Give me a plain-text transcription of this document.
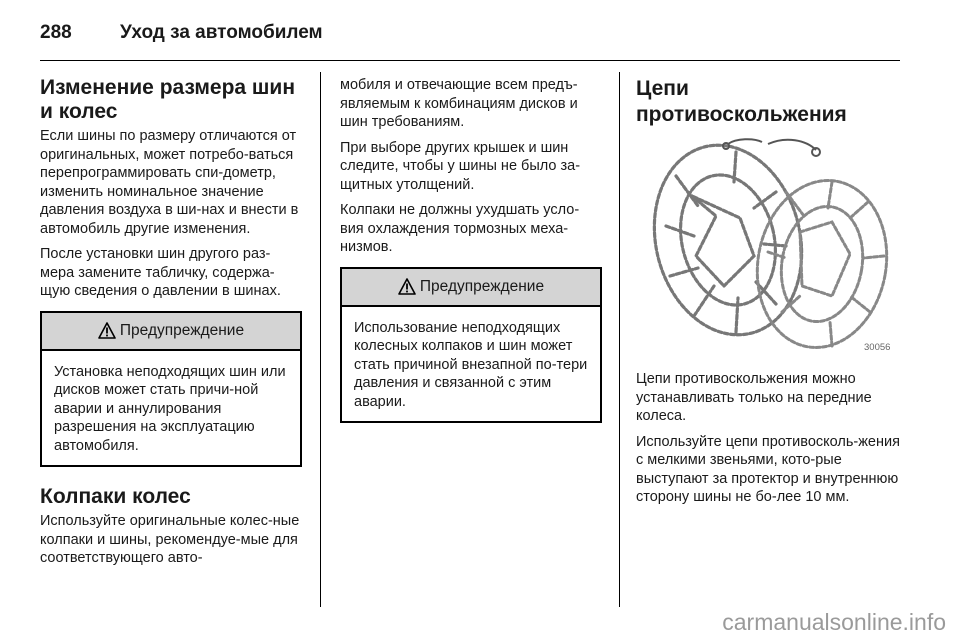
288	Уход за автомобилем
Изменение размера шин и колес

Если шины по размеру отличаются от оригинальных, может потребо-ваться перепрограммировать спи-дометр, изменить номинальное значение давления воздуха в ши-нах и внести в автомобиль другие изменения.

После установки шин другого раз-мера замените табличку, содержа-щую сведения о давлении в шинах.

Предупреждение

Установка неподходящих шин или дисков может стать причи-ной аварии и аннулирования разрешения на эксплуатацию автомобиля.

Колпаки колес

Используйте оригинальные колес-ные колпаки и шины, рекомендуе-мые для соответствующего авто-

мобиля и отвечающие всем предъ-являемым к комбинациям дисков и шин требованиям.

При выборе других крышек и шин следите, чтобы у шины не было за-щитных утолщений.

Колпаки не должны ухудшать усло-вия охлаждения тормозных меха-низмов.

Предупреждение

Использование неподходящих колесных колпаков и шин может стать причиной внезапной по-тери давления и связанной с этим аварии.

Цепи противоскольжения
30056

Цепи противоскольжения можно устанавливать только на передние колеса.

Используйте цепи противосколь-жения с мелкими звеньями, кото-рые выступают за протектор и внутреннюю сторону шины не бо-лее 10 мм.

carmanualsonline.info
